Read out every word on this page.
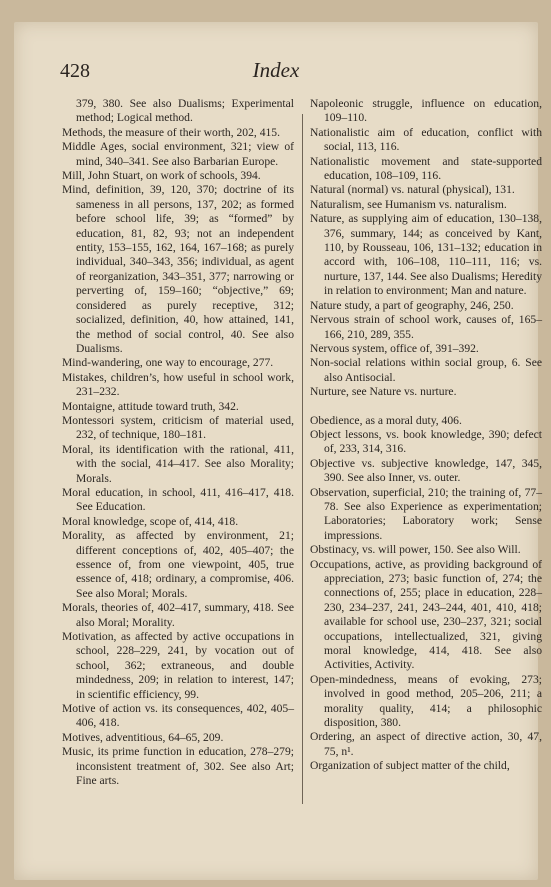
428	Index

379, 380. See also Dualisms; Experimental method; Logical method.

Methods, the measure of their worth, 202, 415.

Middle Ages, social environment, 321; view of mind, 340–341. See also Barbarian Europe.

Mill, John Stuart, on work of schools, 394.

Mind, definition, 39, 120, 370; doctrine of its sameness in all persons, 137, 202; as formed before school life, 39; as “formed” by education, 81, 82, 93; not an independent entity, 153–155, 162, 164, 167–168; as purely individual, 340–343, 356; individual, as agent of reorganization, 343–351, 377; narrowing or perverting of, 159–160; “objective,” 69; considered as purely receptive, 312; socialized, definition, 40, how attained, 141, the method of social control, 40. See also Dualisms.

Mind-wandering, one way to encourage, 277.

Mistakes, children’s, how useful in school work, 231–232.

Montaigne, attitude toward truth, 342.

Montessori system, criticism of material used, 232, of technique, 180–181.

Moral, its identification with the rational, 411, with the social, 414–417. See also Morality; Morals.

Moral education, in school, 411, 416–417, 418. See Education.

Moral knowledge, scope of, 414, 418.

Morality, as affected by environment, 21; different conceptions of, 402, 405–407; the essence of, from one viewpoint, 405, true essence of, 418; ordinary, a compromise, 406. See also Moral; Morals.

Morals, theories of, 402–417, summary, 418. See also Moral; Morality.

Motivation, as affected by active occupations in school, 228–229, 241, by vocation out of school, 362; extraneous, and double mindedness, 209; in relation to interest, 147; in scientific efficiency, 99.

Motive of action vs. its consequences, 402, 405–406, 418.

Motives, adventitious, 64–65, 209.

Music, its prime function in education, 278–279; inconsistent treatment of, 302. See also Art; Fine arts.

Napoleonic struggle, influence on education, 109–110.

Nationalistic aim of education, conflict with social, 113, 116.

Nationalistic movement and state-supported education, 108–109, 116.

Natural (normal) vs. natural (physical), 131.

Naturalism, see Humanism vs. naturalism.

Nature, as supplying aim of education, 130–138, 376, summary, 144; as conceived by Kant, 110, by Rousseau, 106, 131–132; education in accord with, 106–108, 110–111, 116; vs. nurture, 137, 144. See also Dualisms; Heredity in relation to environment; Man and nature.

Nature study, a part of geography, 246, 250.

Nervous strain of school work, causes of, 165–166, 210, 289, 355.

Nervous system, office of, 391–392.

Non-social relations within social group, 6. See also Antisocial.

Nurture, see Nature vs. nurture.

Obedience, as a moral duty, 406.

Object lessons, vs. book knowledge, 390; defect of, 233, 314, 316.

Objective vs. subjective knowledge, 147, 345, 390. See also Inner, vs. outer.

Observation, superficial, 210; the training of, 77–78. See also Experience as experimentation; Laboratories; Laboratory work; Sense impressions.

Obstinacy, vs. will power, 150. See also Will.

Occupations, active, as providing background of appreciation, 273; basic function of, 274; the connections of, 255; place in education, 228–230, 234–237, 241, 243–244, 401, 410, 418; available for school use, 230–237, 321; social occupations, intellectualized, 321, giving moral knowledge, 414, 418. See also Activities, Activity.

Open-mindedness, means of evoking, 273; involved in good method, 205–206, 211; a morality quality, 414; a philosophic disposition, 380.

Ordering, an aspect of directive action, 30, 47, 75, n¹.

Organization of subject matter of the child,
